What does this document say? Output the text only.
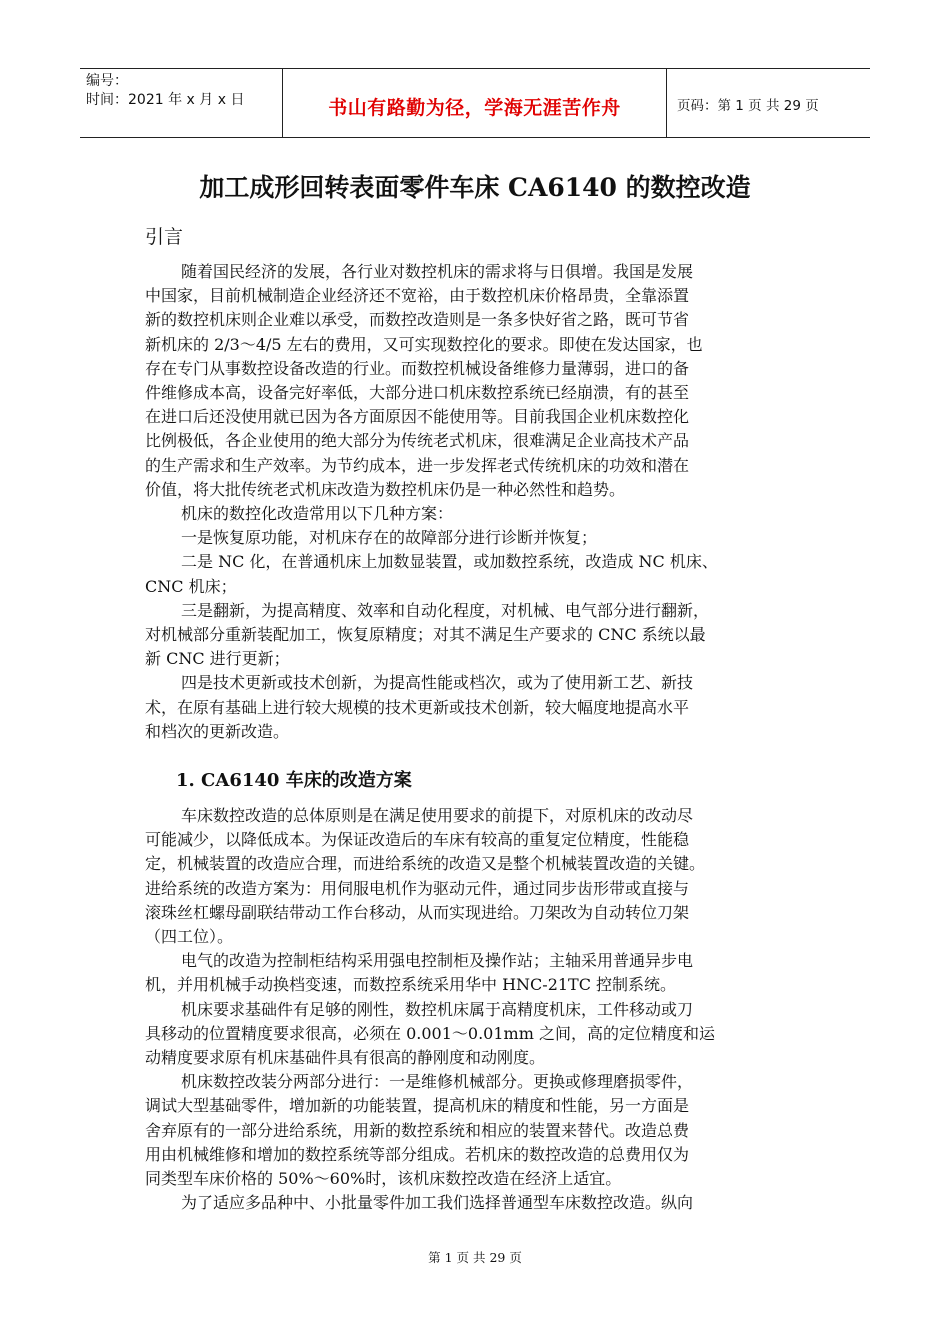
编号：
时间：2021 年 x 月 x 日	书山有路勤为径，学海无涯苦作舟	页码：第 1 页 共 29 页
加工成形回转表面零件车床 CA6140 的数控改造
引言
随着国民经济的发展，各行业对数控机床的需求将与日俱增。我国是发展
中国家，目前机械制造企业经济还不宽裕，由于数控机床价格昂贵，全靠添置
新的数控机床则企业难以承受，而数控改造则是一条多快好省之路，既可节省
新机床的 2/3～4/5 左右的费用，又可实现数控化的要求。即使在发达国家，也
存在专门从事数控设备改造的行业。而数控机械设备维修力量薄弱，进口的备
件维修成本高，设备完好率低，大部分进口机床数控系统已经崩溃，有的甚至
在进口后还没使用就已因为各方面原因不能使用等。目前我国企业机床数控化
比例极低，各企业使用的绝大部分为传统老式机床，很难满足企业高技术产品
的生产需求和生产效率。为节约成本，进一步发挥老式传统机床的功效和潜在
价值，将大批传统老式机床改造为数控机床仍是一种必然性和趋势。
机床的数控化改造常用以下几种方案：
一是恢复原功能，对机床存在的故障部分进行诊断并恢复；
二是 NC 化，在普通机床上加数显装置，或加数控系统，改造成 NC 机床、
CNC 机床；
三是翻新，为提高精度、效率和自动化程度，对机械、电气部分进行翻新，
对机械部分重新装配加工，恢复原精度；对其不满足生产要求的 CNC 系统以最
新 CNC 进行更新；
四是技术更新或技术创新，为提高性能或档次，或为了使用新工艺、新技
术，在原有基础上进行较大规模的技术更新或技术创新，较大幅度地提高水平
和档次的更新改造。
1. CA6140 车床的改造方案
车床数控改造的总体原则是在满足使用要求的前提下，对原机床的改动尽
可能减少，以降低成本。为保证改造后的车床有较高的重复定位精度，性能稳
定，机械装置的改造应合理，而进给系统的改造又是整个机械装置改造的关键。
进给系统的改造方案为：用伺服电机作为驱动元件，通过同步齿形带或直接与
滚珠丝杠螺母副联结带动工作台移动，从而实现进给。刀架改为自动转位刀架
（四工位）。
电气的改造为控制柜结构采用强电控制柜及操作站；主轴采用普通异步电
机，并用机械手动换档变速，而数控系统采用华中 HNC-21TC 控制系统。
机床要求基础件有足够的刚性，数控机床属于高精度机床，工件移动或刀
具移动的位置精度要求很高，必须在 0.001～0.01mm 之间，高的定位精度和运
动精度要求原有机床基础件具有很高的静刚度和动刚度。
机床数控改装分两部分进行：一是维修机械部分。更换或修理磨损零件，
调试大型基础零件，增加新的功能装置，提高机床的精度和性能，另一方面是
舍弃原有的一部分进给系统，用新的数控系统和相应的装置来替代。改造总费
用由机械维修和增加的数控系统等部分组成。若机床的数控改造的总费用仅为
同类型车床价格的 50%～60%时，该机床数控改造在经济上适宜。
为了适应多品种中、小批量零件加工我们选择普通型车床数控改造。纵向
第 1 页 共 29 页
